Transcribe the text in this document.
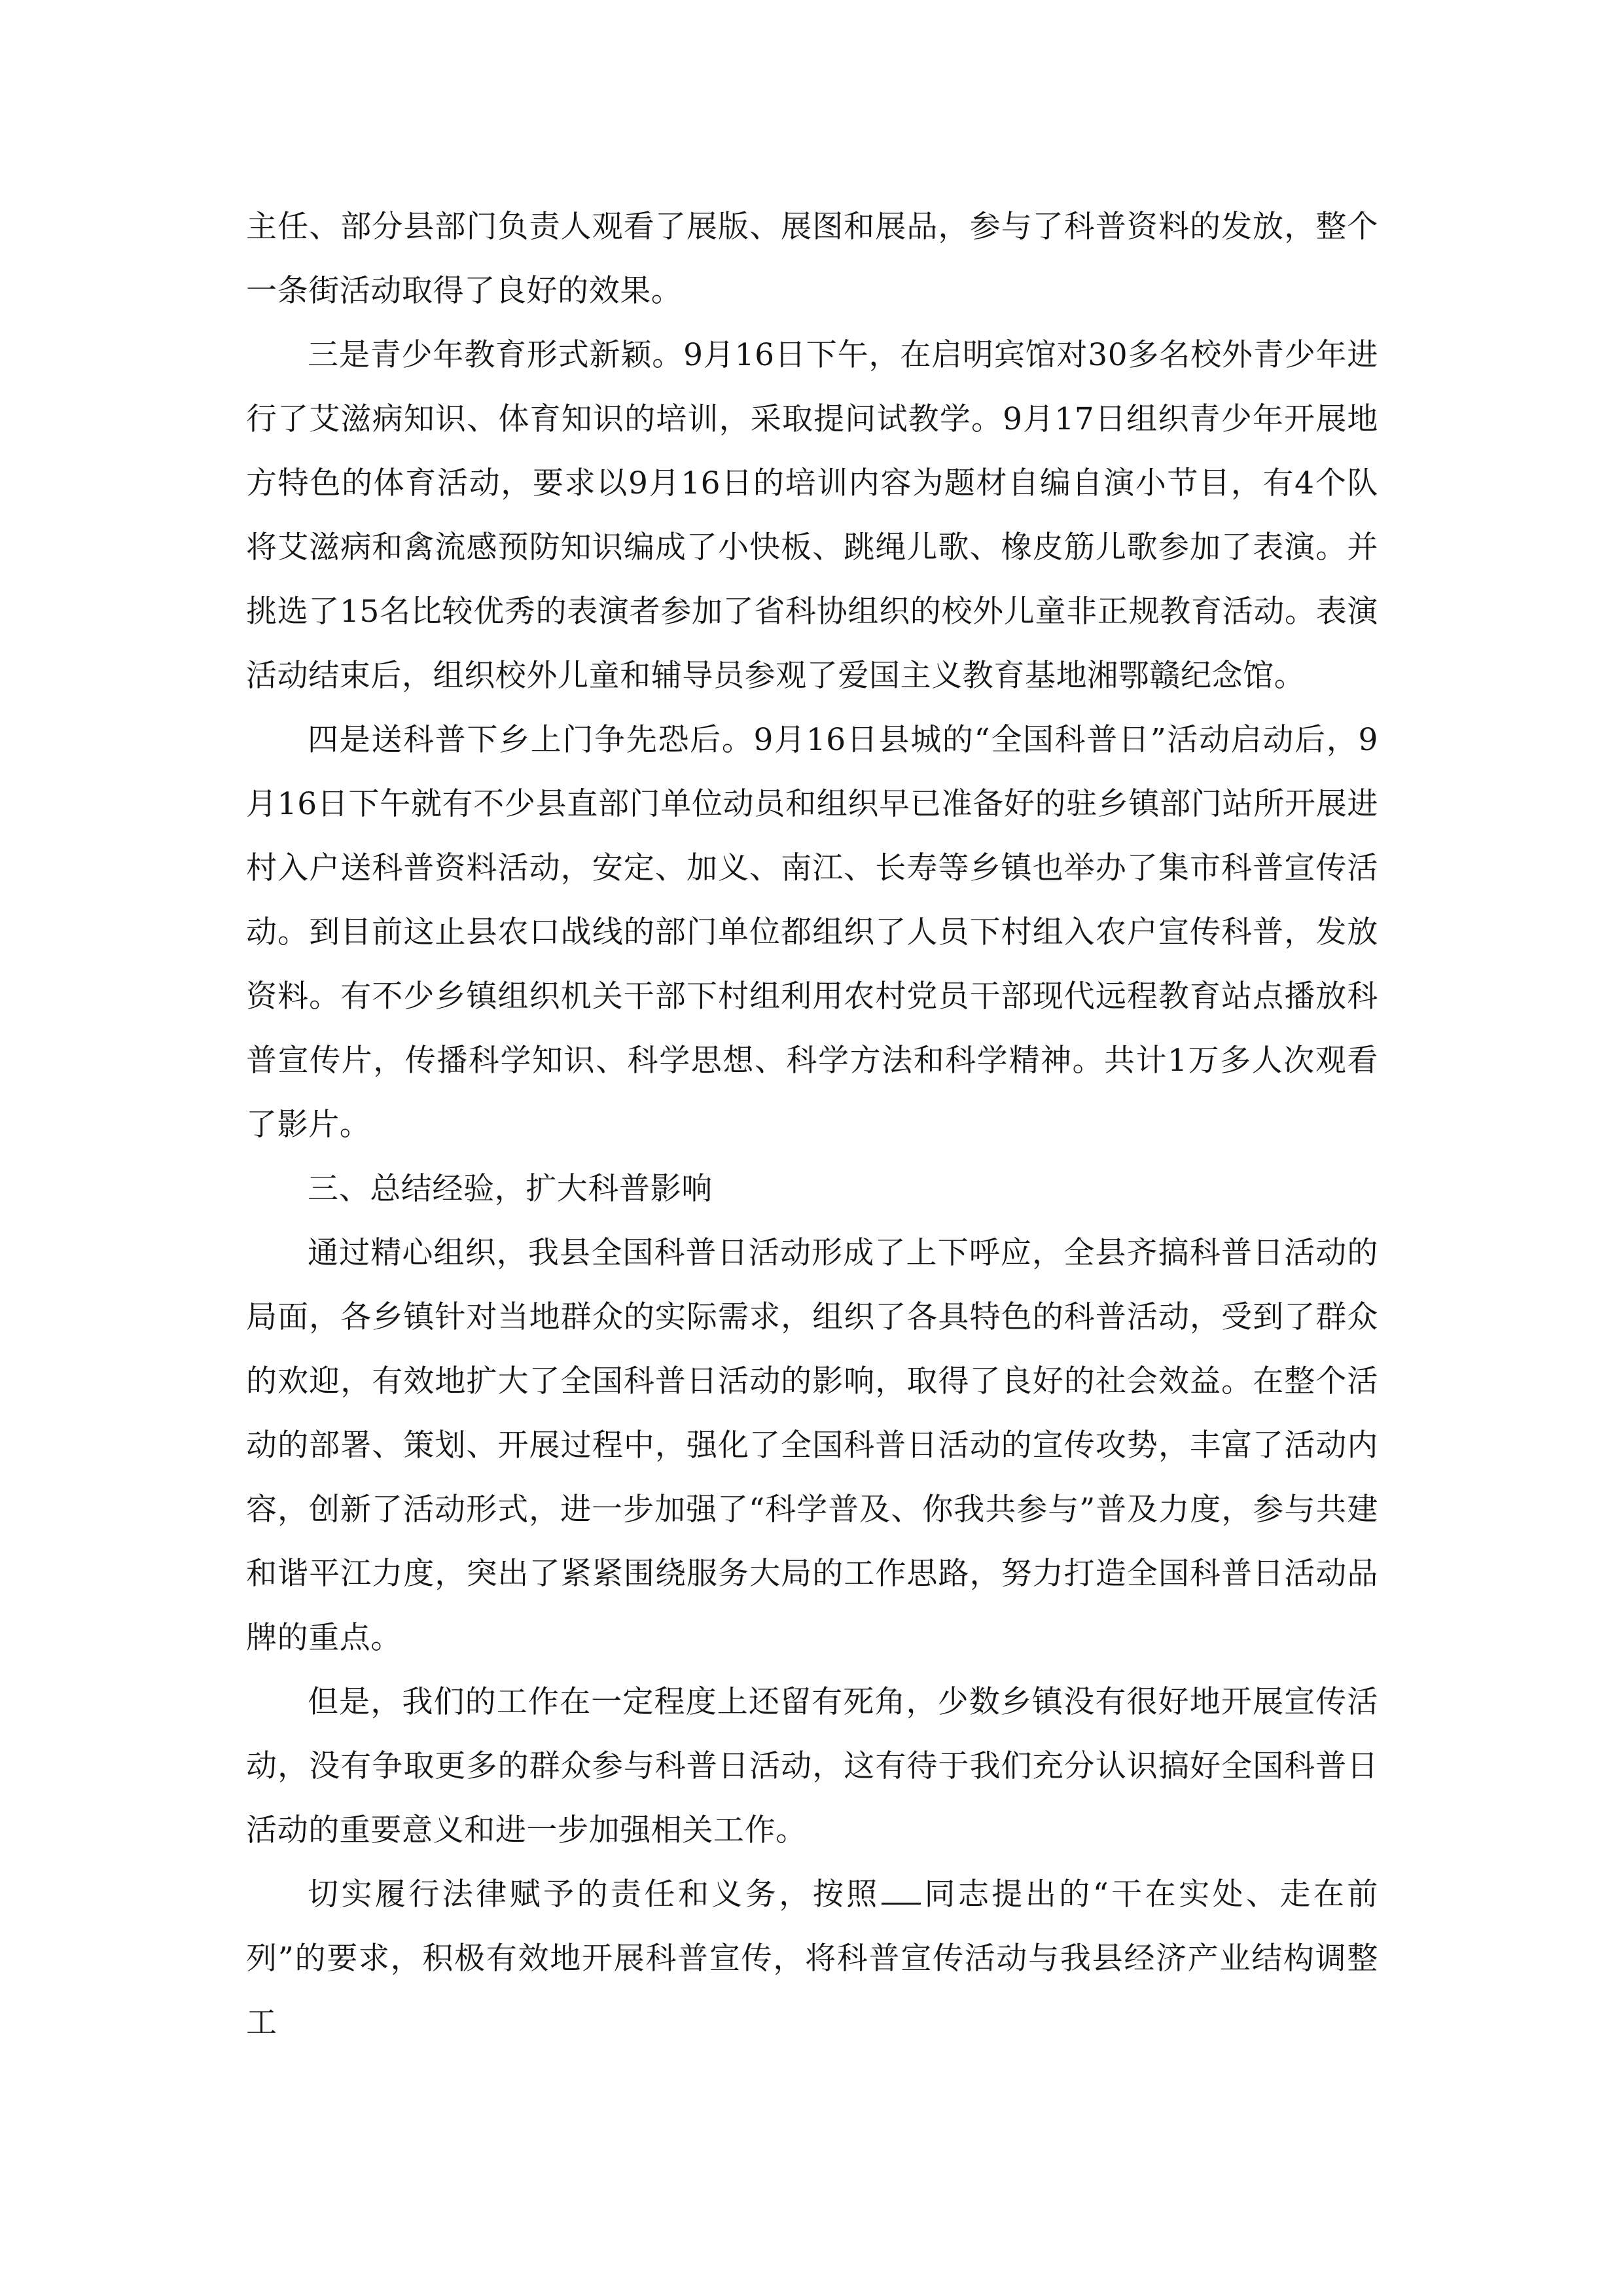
主任、部分县部门负责人观看了展版、展图和展品，参与了科普资料的发放，整个一条街活动取得了良好的效果。

三是青少年教育形式新颖。9月16日下午，在启明宾馆对30多名校外青少年进行了艾滋病知识、体育知识的培训，采取提问试教学。9月17日组织青少年开展地方特色的体育活动，要求以9月16日的培训内容为题材自编自演小节目，有4个队将艾滋病和禽流感预防知识编成了小快板、跳绳儿歌、橡皮筋儿歌参加了表演。并挑选了15名比较优秀的表演者参加了省科协组织的校外儿童非正规教育活动。表演活动结束后，组织校外儿童和辅导员参观了爱国主义教育基地湘鄂赣纪念馆。

四是送科普下乡上门争先恐后。9月16日县城的“全国科普日”活动启动后，9月16日下午就有不少县直部门单位动员和组织早已准备好的驻乡镇部门站所开展进村入户送科普资料活动，安定、加义、南江、长寿等乡镇也举办了集市科普宣传活动。到目前这止县农口战线的部门单位都组织了人员下村组入农户宣传科普，发放资料。有不少乡镇组织机关干部下村组利用农村党员干部现代远程教育站点播放科普宣传片，传播科学知识、科学思想、科学方法和科学精神。共计1万多人次观看了影片。

三、总结经验，扩大科普影响

通过精心组织，我县全国科普日活动形成了上下呼应，全县齐搞科普日活动的局面，各乡镇针对当地群众的实际需求，组织了各具特色的科普活动，受到了群众的欢迎，有效地扩大了全国科普日活动的影响，取得了良好的社会效益。在整个活动的部署、策划、开展过程中，强化了全国科普日活动的宣传攻势，丰富了活动内容，创新了活动形式，进一步加强了“科学普及、你我共参与”普及力度，参与共建和谐平江力度，突出了紧紧围绕服务大局的工作思路，努力打造全国科普日活动品牌的重点。

但是，我们的工作在一定程度上还留有死角，少数乡镇没有很好地开展宣传活动，没有争取更多的群众参与科普日活动，这有待于我们充分认识搞好全国科普日活动的重要意义和进一步加强相关工作。

切实履行法律赋予的责任和义务，按照 同志提出的“干在实处、走在前列”的要求，积极有效地开展科普宣传，将科普宣传活动与我县经济产业结构调整工
